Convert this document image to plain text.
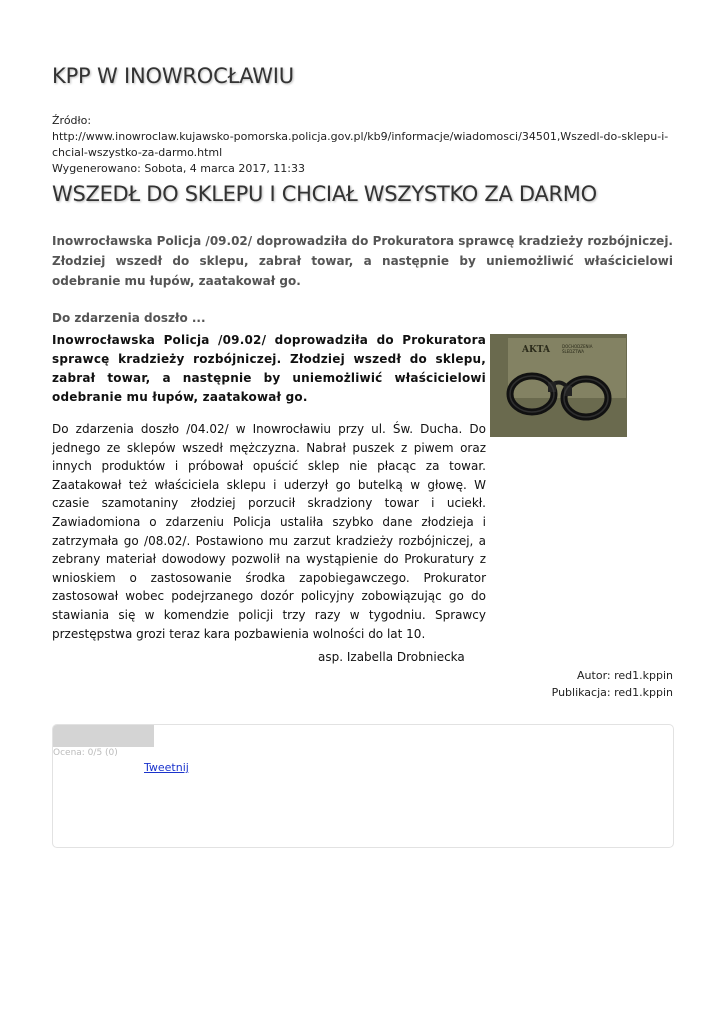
KPP W INOWROCŁAWIU
Źródło:
http://www.inowroclaw.kujawsko-pomorska.policja.gov.pl/kb9/informacje/wiadomosci/34501,Wszedl-do-sklepu-i-chcial-wszystko-za-darmo.html
Wygenerowano: Sobota, 4 marca 2017, 11:33
WSZEDŁ DO SKLEPU I CHCIAŁ WSZYSTKO ZA DARMO
Inowrocławska Policja /09.02/ doprowadziła do Prokuratora sprawcę kradzieży rozbójniczej. Złodziej wszedł do sklepu, zabrał towar, a następnie by uniemożliwić właścicielowi odebranie mu łupów, zaatakował go.
Do zdarzenia doszło ...
AKTA	DOCHODZENIA
ŚLEDZTWA
Inowrocławska Policja /09.02/ doprowadziła do Prokuratora sprawcę kradzieży rozbójniczej. Złodziej wszedł do sklepu, zabrał towar, a następnie by uniemożliwić właścicielowi odebranie mu łupów, zaatakował go.
Do zdarzenia doszło /04.02/ w Inowrocławiu przy ul. Św. Ducha. Do jednego ze sklepów wszedł mężczyzna. Nabrał puszek z piwem oraz innych produktów i próbował opuścić sklep nie płacąc za towar. Zaatakował też właściciela sklepu i uderzył go butelką w głowę. W czasie szamotaniny złodziej porzucił skradziony towar i uciekł. Zawiadomiona o zdarzeniu Policja ustaliła szybko dane złodzieja i zatrzymała go /08.02/. Postawiono mu zarzut kradzieży rozbójniczej, a zebrany materiał dowodowy pozwolił na wystąpienie do Prokuratury z wnioskiem o zastosowanie środka zapobiegawczego. Prokurator zastosował wobec podejrzanego dozór policyjny zobowiązując go do stawiania się w komendzie policji trzy razy w tygodniu. Sprawcy przestępstwa grozi teraz kara pozbawienia wolności do lat 10.
asp. Izabella Drobniecka
Autor: red1.kppin
Publikacja: red1.kppin
Ocena: 0/5 (0)
Tweetnij
